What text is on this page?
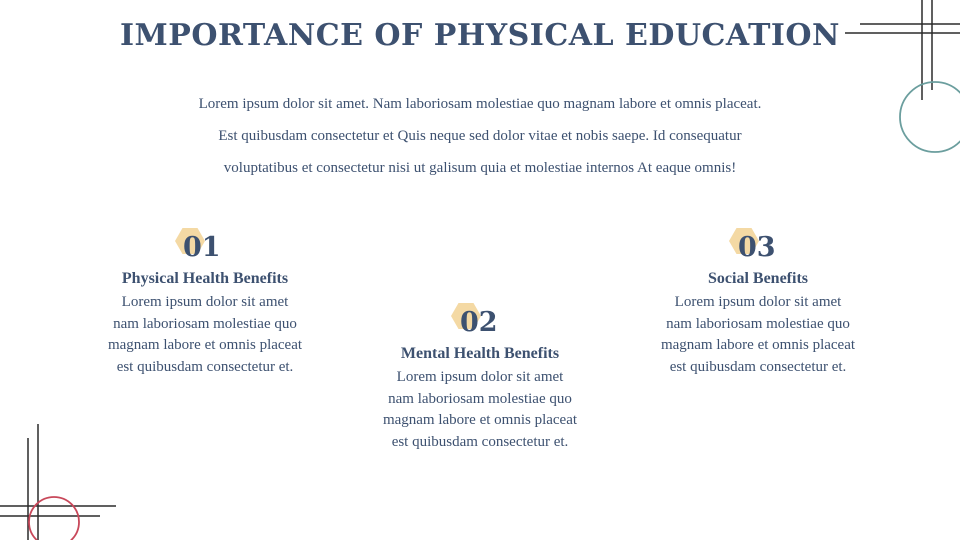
IMPORTANCE OF PHYSICAL EDUCATION
Lorem ipsum dolor sit amet. Nam laboriosam molestiae quo magnam labore et omnis placeat.
Est quibusdam consectetur et Quis neque sed dolor vitae et nobis saepe. Id consequatur
voluptatibus et consectetur nisi ut galisum quia et molestiae internos At eaque omnis!
01
Physical Health Benefits
Lorem ipsum dolor sit amet
nam laboriosam molestiae quo
magnam labore et omnis placeat
est quibusdam consectetur et.
02
Mental Health Benefits
Lorem ipsum dolor sit amet
nam laboriosam molestiae quo
magnam labore et omnis placeat
est quibusdam consectetur et.
03
Social Benefits
Lorem ipsum dolor sit amet
nam laboriosam molestiae quo
magnam labore et omnis placeat
est quibusdam consectetur et.
